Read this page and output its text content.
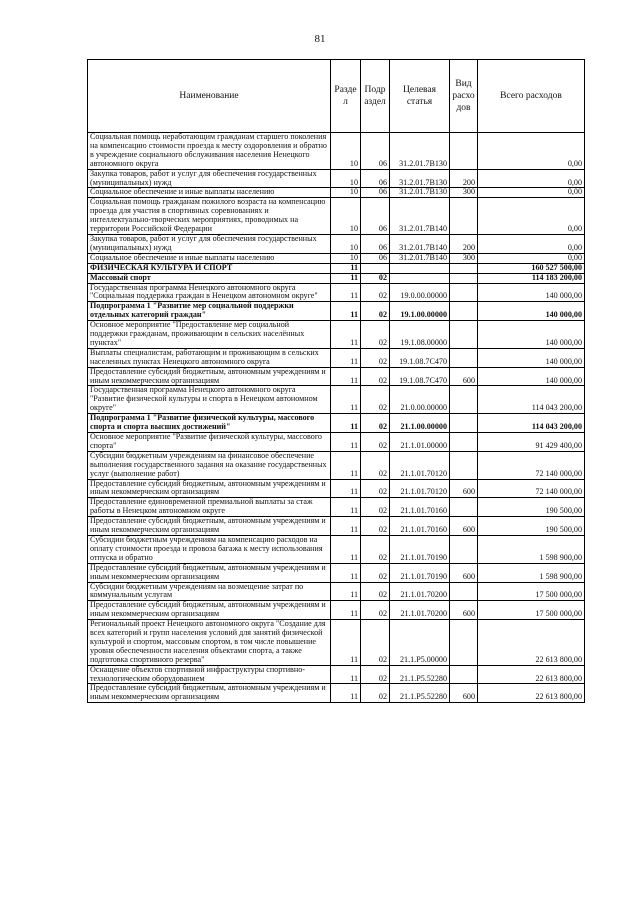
81
Наименование	Разде л	Подр аздел	Целевая статья	Вид расхо дов	Всего расходов
Социальная помощь неработающим гражданам старшего поколения на компенсацию стоимости проезда к месту оздоровления и обратно в учреждение социального обслуживания населения Ненецкого автономного округа	10	06	31.2.01.7В130		0,00
Закупка товаров, работ и услуг для обеспечения государственных (муниципальных) нужд	10	06	31.2.01.7В130	200	0,00
Социальное обеспечение и иные выплаты населению	10	06	31.2.01.7В130	300	0,00
Социальная помощь гражданам пожилого возраста на компенсацию проезда для участия в спортивных соревнованиях и интеллектуально-творческих мероприятиях, проводимых на территории Российской Федерации	10	06	31.2.01.7В140		0,00
Закупка товаров, работ и услуг для обеспечения государственных (муниципальных) нужд	10	06	31.2.01.7В140	200	0,00
Социальное обеспечение и иные выплаты населению	10	06	31.2.01.7В140	300	0,00
ФИЗИЧЕСКАЯ КУЛЬТУРА И СПОРТ	11				160 527 500,00
Массовый спорт	11	02			114 183 200,00
Государственная программа Ненецкого автономного округа "Социальная поддержка граждан в Ненецком автономном округе"	11	02	19.0.00.00000		140 000,00
Подпрограмма 1 "Развитие мер социальной поддержки отдельных категорий граждан"	11	02	19.1.00.00000		140 000,00
Основное мероприятие "Предоставление мер социальной поддержки гражданам, проживающим в сельских населённых пунктах"	11	02	19.1.08.00000		140 000,00
Выплаты специалистам, работающим и проживающим в сельских населенных пунктах Ненецкого автономного округа	11	02	19.1.08.7С470		140 000,00
Предоставление субсидий бюджетным, автономным учреждениям и иным некоммерческим организациям	11	02	19.1.08.7С470	600	140 000,00
Государственная программа Ненецкого автономного округа "Развитие физической культуры и спорта в Ненецком автономном округе"	11	02	21.0.00.00000		114 043 200,00
Подпрограмма 1 "Развитие физической культуры, массового спорта и спорта высших достижений"	11	02	21.1.00.00000		114 043 200,00
Основное мероприятие "Развитие физической культуры, массового спорта"	11	02	21.1.01.00000		91 429 400,00
Субсидии бюджетным учреждениям на финансовое обеспечение выполнения государственного задания на оказание государственных услуг (выполнение работ)	11	02	21.1.01.70120		72 140 000,00
Предоставление субсидий бюджетным, автономным учреждениям и иным некоммерческим организациям	11	02	21.1.01.70120	600	72 140 000,00
Предоставление единовременной премиальной выплаты за стаж работы в Ненецком автономном округе	11	02	21.1.01.70160		190 500,00
Предоставление субсидий бюджетным, автономным учреждениям и иным некоммерческим организациям	11	02	21.1.01.70160	600	190 500,00
Субсидии бюджетным учреждениям на компенсацию расходов на оплату стоимости проезда и провоза багажа к месту использования отпуска и обратно	11	02	21.1.01.70190		1 598 900,00
Предоставление субсидий бюджетным, автономным учреждениям и иным некоммерческим организациям	11	02	21.1.01.70190	600	1 598 900,00
Субсидии бюджетным учреждениям на возмещение затрат по коммунальным услугам	11	02	21.1.01.70200		17 500 000,00
Предоставление субсидий бюджетным, автономным учреждениям и иным некоммерческим организациям	11	02	21.1.01.70200	600	17 500 000,00
Региональный проект Ненецкого автономного округа "Создание для всех категорий и групп населения условий для занятий физической культурой и спортом, массовым спортом, в том числе повышение уровня обеспеченности населения объектами спорта, а также подготовка спортивного резерва"	11	02	21.1.P5.00000		22 613 800,00
Оснащение объектов спортивной инфраструктуры спортивно-технологическим оборудованием	11	02	21.1.P5.52280		22 613 800,00
Предоставление субсидий бюджетным, автономным учреждениям и иным некоммерческим организациям	11	02	21.1.P5.52280	600	22 613 800,00
